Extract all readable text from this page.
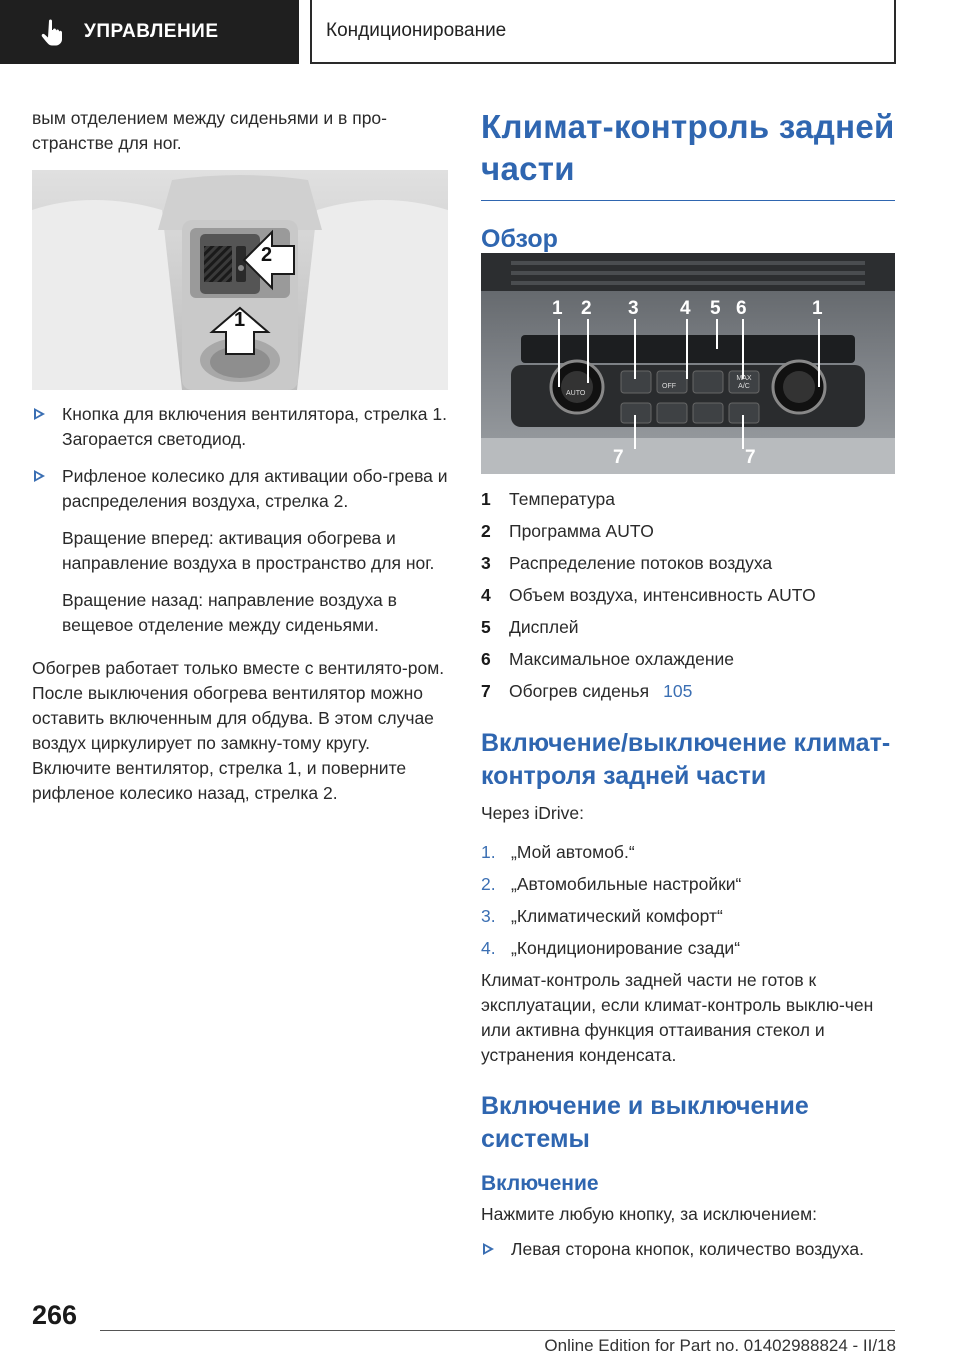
УПРАВЛЕНИЕ	Кондиционирование

вым отделением между сиденьями и в про-странстве для ног.

2
1
Кнопка для включения вентилятора, стрелка 1. Загорается светодиод.
Рифленое колесико для активации обо-грева и распределения воздуха, стрелка 2.

Вращение вперед: активация обогрева и направление воздуха в пространство для ног.

Вращение назад: направление воздуха в вещевое отделение между сиденьями.

Обогрев работает только вместе с вентилято-ром. После выключения обогрева вентилятор можно оставить включенным для обдува. В этом случае воздух циркулирует по замкну-тому кругу. Включите вентилятор, стрелка 1, и поверните рифленое колесико назад, стрелка 2.

Климат-контроль задней части
Обзор
1 2 3 4 5 6	1
AUTO
OFF
MAX A/C
7	7
1	Температура
2	Программа AUTO
3	Распределение потоков воздуха
4	Объем воздуха, интенсивность AUTO
5	Дисплей
6	Максимальное охлаждение
7	Обогрев сиденья 105
Включение/выключение климат-контроля задней части

Через iDrive:

1. „Мой автомоб.“
2. „Автомобильные настройки“
3. „Климатический комфорт“
4. „Кондиционирование сзади“

Климат-контроль задней части не готов к эксплуатации, если климат-контроль выклю-чен или активна функция оттаивания стекол и устранения конденсата.

Включение и выключение системы
Включение

Нажмите любую кнопку, за исключением:

Левая сторона кнопок, количество воздуха.
266
Online Edition for Part no. 01402988824 - II/18
